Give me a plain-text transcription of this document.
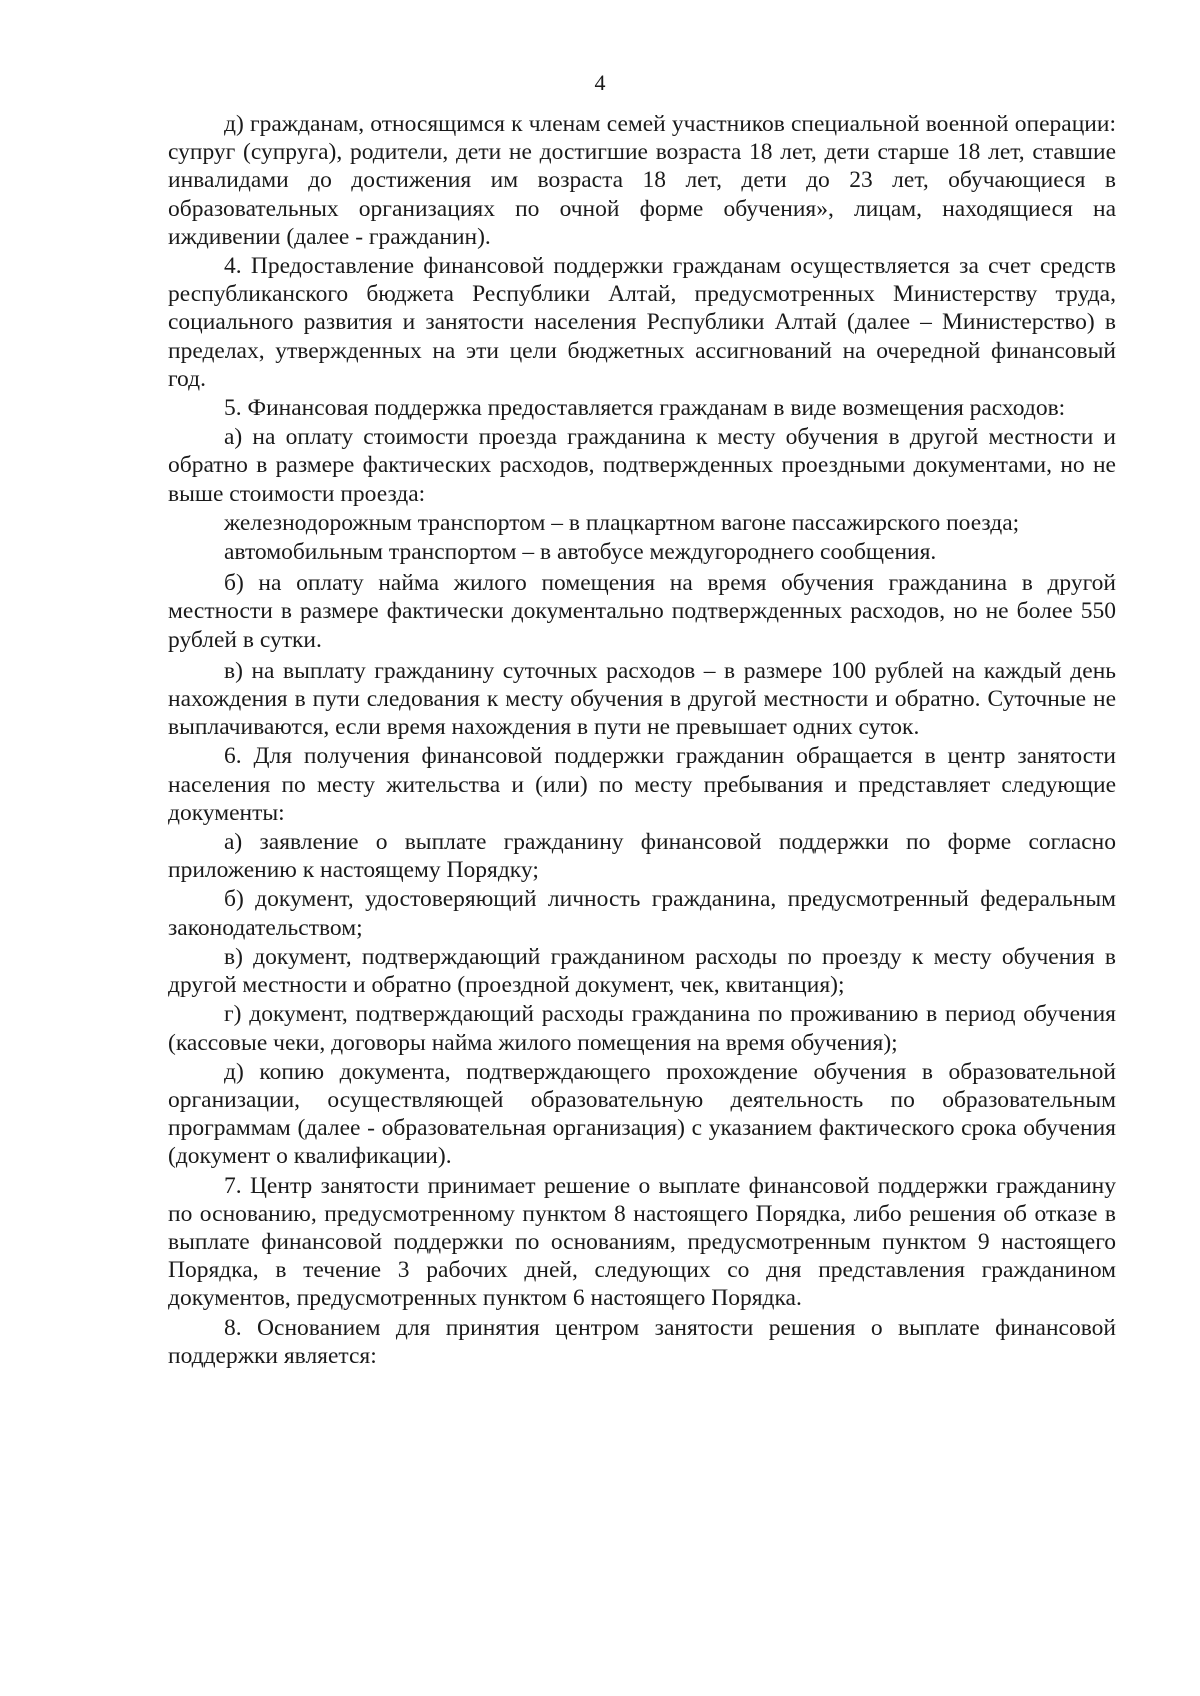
4

д) гражданам, относящимся к членам семей участников специальной военной операции: супруг (супруга), родители, дети не достигшие возраста 18 лет, дети старше 18 лет, ставшие инвалидами до достижения им возраста 18 лет, дети до 23 лет, обучающиеся в образовательных организациях по очной форме обучения», лицам, находящиеся на иждивении (далее - гражданин).

4. Предоставление финансовой поддержки гражданам осуществляется за счет средств республиканского бюджета Республики Алтай, предусмотренных Министерству труда, социального развития и занятости населения Республики Алтай (далее – Министерство) в пределах, утвержденных на эти цели бюджетных ассигнований на очередной финансовый год.

5. Финансовая поддержка предоставляется гражданам в виде возмещения расходов:

а) на оплату стоимости проезда гражданина к месту обучения в другой местности и обратно в размере фактических расходов, подтвержденных проездными документами, но не выше стоимости проезда:

железнодорожным транспортом – в плацкартном вагоне пассажирского поезда;

автомобильным транспортом – в автобусе междугороднего сообщения.

б) на оплату найма жилого помещения на время обучения гражданина в другой местности в размере фактически документально подтвержденных расходов, но не более 550 рублей в сутки.

в) на выплату гражданину суточных расходов – в размере 100 рублей на каждый день нахождения в пути следования к месту обучения в другой местности и обратно. Суточные не выплачиваются, если время нахождения в пути не превышает одних суток.

6. Для получения финансовой поддержки гражданин обращается в центр занятости населения по месту жительства и (или) по месту пребывания и представляет следующие документы:

а) заявление о выплате гражданину финансовой поддержки по форме согласно приложению к настоящему Порядку;

б) документ, удостоверяющий личность гражданина, предусмотренный федеральным законодательством;

в) документ, подтверждающий гражданином расходы по проезду к месту обучения в другой местности и обратно (проездной документ, чек, квитанция);

г) документ, подтверждающий расходы гражданина по проживанию в период обучения (кассовые чеки, договоры найма жилого помещения на время обучения);

д) копию документа, подтверждающего прохождение обучения в образовательной организации, осуществляющей образовательную деятельность по образовательным программам (далее - образовательная организация) с указанием фактического срока обучения (документ о квалификации).

7. Центр занятости принимает решение о выплате финансовой поддержки гражданину по основанию, предусмотренному пунктом 8 настоящего Порядка, либо решения об отказе в выплате финансовой поддержки по основаниям, предусмотренным пунктом 9 настоящего Порядка, в течение 3 рабочих дней, следующих со дня представления гражданином документов, предусмотренных пунктом 6 настоящего Порядка.

8. Основанием для принятия центром занятости решения о выплате финансовой поддержки является:
